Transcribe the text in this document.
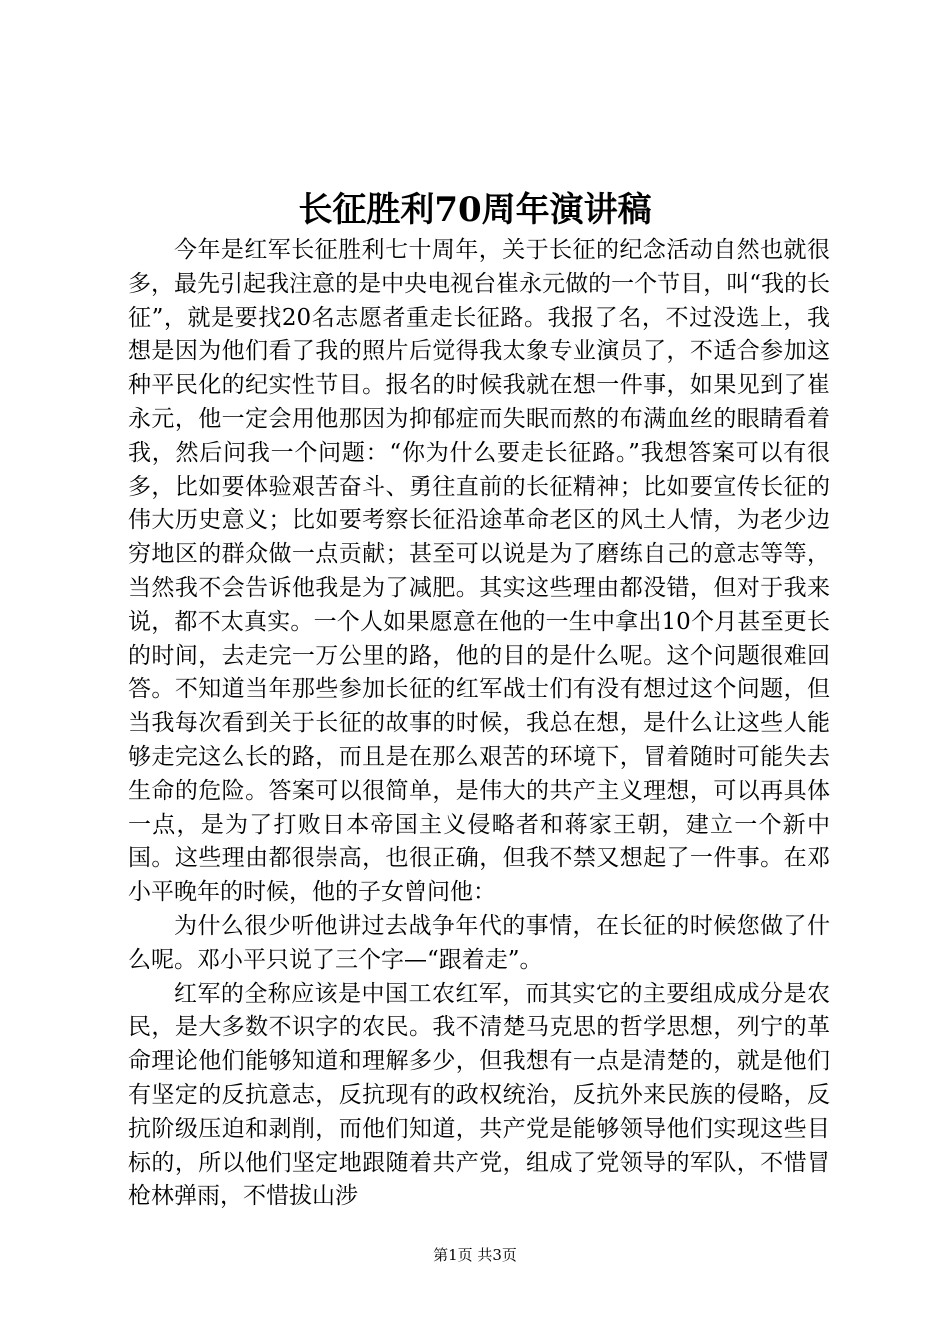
长征胜利70周年演讲稿

今年是红军长征胜利七十周年，关于长征的纪念活动自然也就很多，最先引起我注意的是中央电视台崔永元做的一个节目，叫“我的长征”，就是要找20名志愿者重走长征路。我报了名，不过没选上，我想是因为他们看了我的照片后觉得我太象专业演员了，不适合参加这种平民化的纪实性节目。报名的时候我就在想一件事，如果见到了崔永元，他一定会用他那因为抑郁症而失眠而熬的布满血丝的眼睛看着我，然后问我一个问题：“你为什么要走长征路。”我想答案可以有很多，比如要体验艰苦奋斗、勇往直前的长征精神；比如要宣传长征的伟大历史意义；比如要考察长征沿途革命老区的风土人情，为老少边穷地区的群众做一点贡献；甚至可以说是为了磨练自己的意志等等，当然我不会告诉他我是为了减肥。其实这些理由都没错，但对于我来说，都不太真实。一个人如果愿意在他的一生中拿出10个月甚至更长的时间，去走完一万公里的路，他的目的是什么呢。这个问题很难回答。不知道当年那些参加长征的红军战士们有没有想过这个问题，但当我每次看到关于长征的故事的时候，我总在想，是什么让这些人能够走完这么长的路，而且是在那么艰苦的环境下，冒着随时可能失去生命的危险。答案可以很简单，是伟大的共产主义理想，可以再具体一点，是为了打败日本帝国主义侵略者和蒋家王朝，建立一个新中国。这些理由都很崇高，也很正确，但我不禁又想起了一件事。在邓小平晚年的时候，他的子女曾问他：

为什么很少听他讲过去战争年代的事情，在长征的时候您做了什么呢。邓小平只说了三个字—“跟着走”。

红军的全称应该是中国工农红军，而其实它的主要组成成分是农民，是大多数不识字的农民。我不清楚马克思的哲学思想，列宁的革命理论他们能够知道和理解多少，但我想有一点是清楚的，就是他们有坚定的反抗意志，反抗现有的政权统治，反抗外来民族的侵略，反抗阶级压迫和剥削，而他们知道，共产党是能够领导他们实现这些目标的，所以他们坚定地跟随着共产党，组成了党领导的军队，不惜冒枪林弹雨，不惜拔山涉

第1页 共3页
